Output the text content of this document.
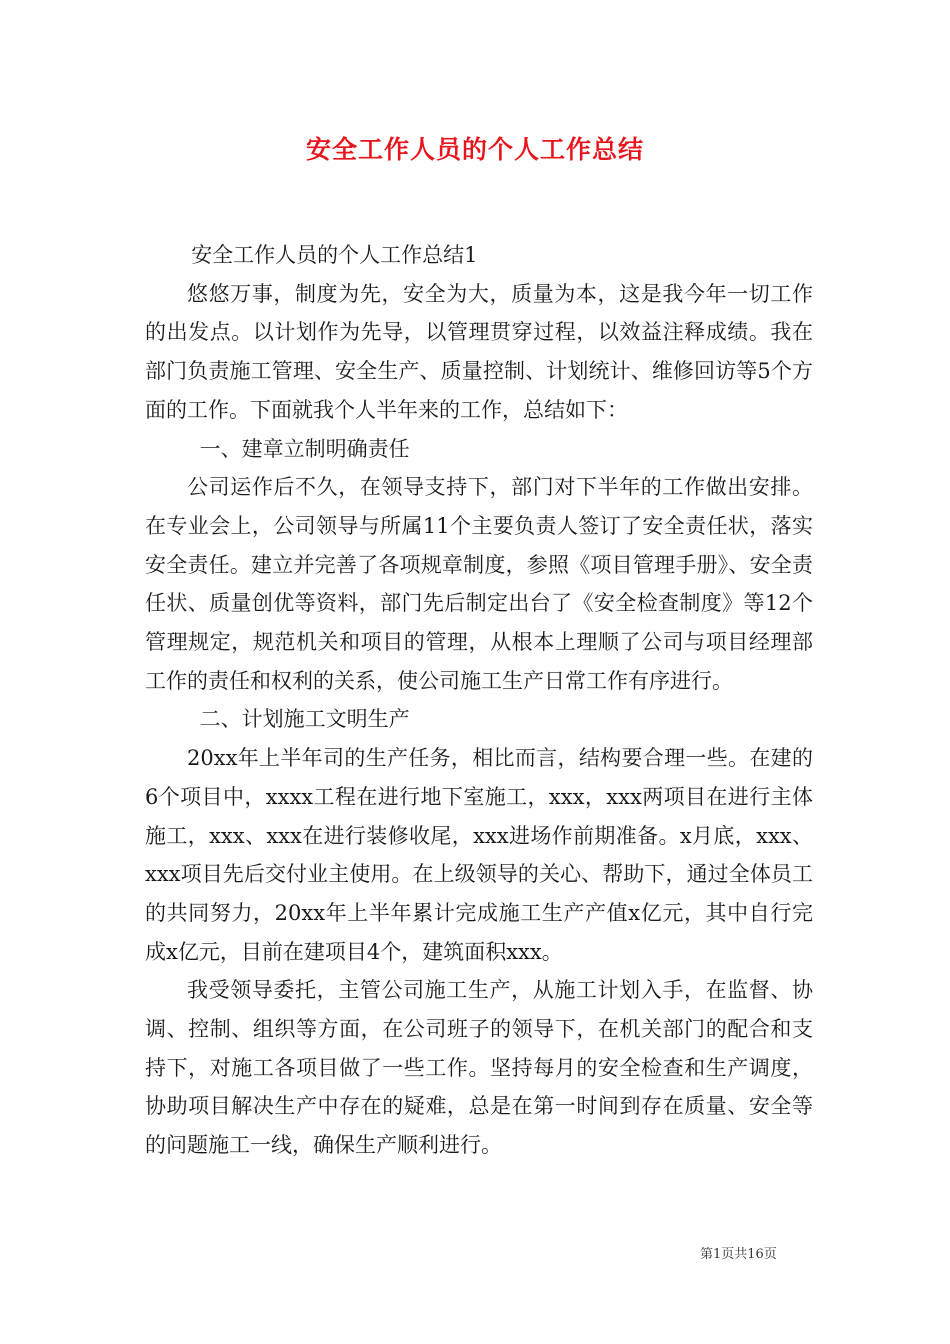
安全工作人员的个人工作总结

安全工作人员的个人工作总结1

悠悠万事，制度为先，安全为大，质量为本，这是我今年一切工作的出发点。以计划作为先导，以管理贯穿过程，以效益注释成绩。我在部门负责施工管理、安全生产、质量控制、计划统计、维修回访等5个方面的工作。下面就我个人半年来的工作，总结如下：

一、建章立制明确责任

公司运作后不久，在领导支持下，部门对下半年的工作做出安排。在专业会上，公司领导与所属11个主要负责人签订了安全责任状，落实安全责任。建立并完善了各项规章制度，参照《项目管理手册》、安全责任状、质量创优等资料，部门先后制定出台了《安全检查制度》等12个管理规定，规范机关和项目的管理，从根本上理顺了公司与项目经理部工作的责任和权利的关系，使公司施工生产日常工作有序进行。

二、计划施工文明生产

20xx年上半年司的生产任务，相比而言，结构要合理一些。在建的6个项目中，xxxx工程在进行地下室施工，xxx，xxx两项目在进行主体施工，xxx、xxx在进行装修收尾，xxx进场作前期准备。x月底，xxx、xxx项目先后交付业主使用。在上级领导的关心、帮助下，通过全体员工的共同努力，20xx年上半年累计完成施工生产产值x亿元，其中自行完成x亿元，目前在建项目4个，建筑面积xxx。

我受领导委托，主管公司施工生产，从施工计划入手，在监督、协调、控制、组织等方面，在公司班子的领导下，在机关部门的配合和支持下，对施工各项目做了一些工作。坚持每月的安全检查和生产调度，协助项目解决生产中存在的疑难，总是在第一时间到存在质量、安全等的问题施工一线，确保生产顺利进行。

第1页共16页
